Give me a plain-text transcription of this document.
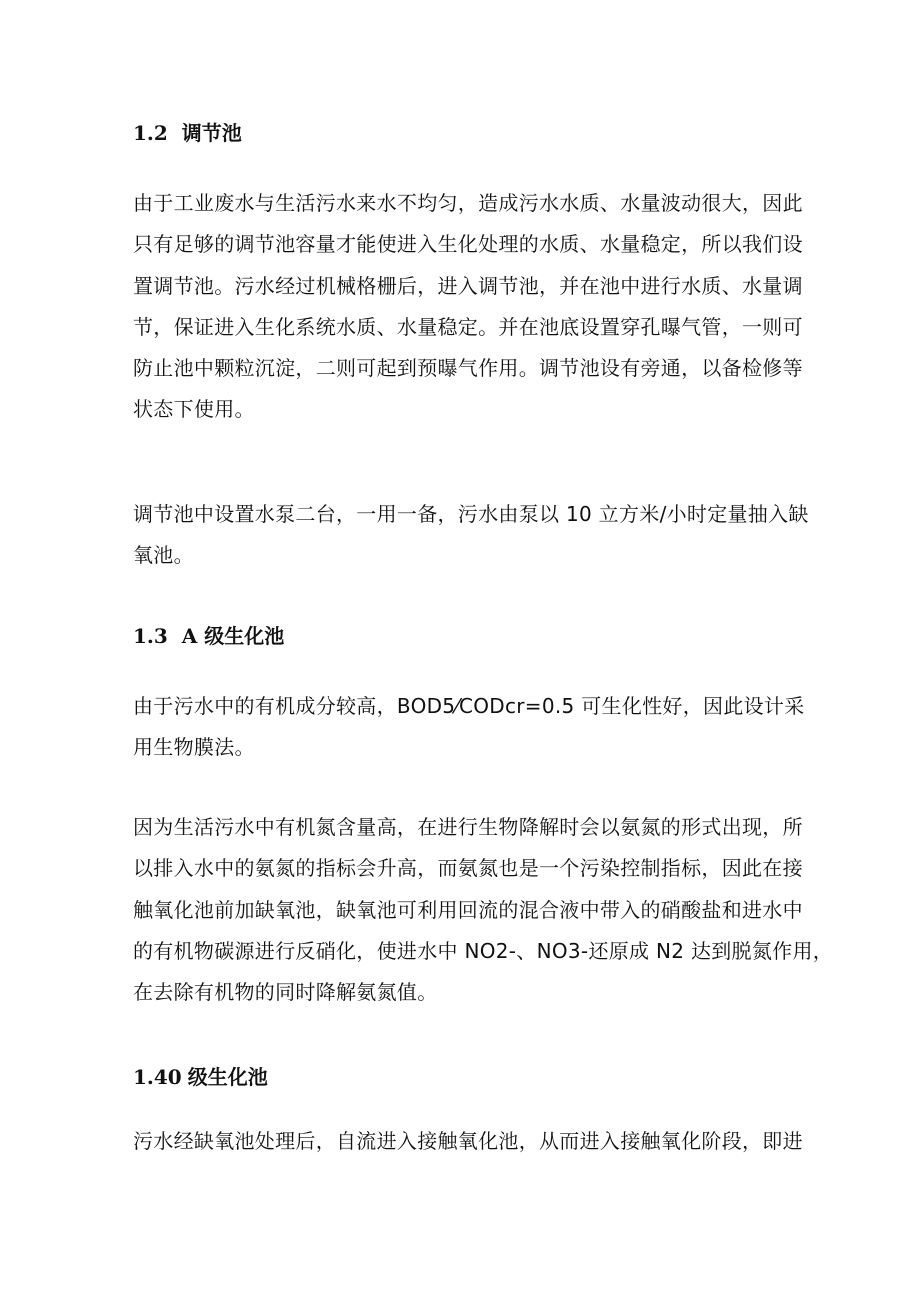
1.2 调节池

由于工业废水与生活污水来水不均匀，造成污水水质、水量波动很大，因此
只有足够的调节池容量才能使进入生化处理的水质、水量稳定，所以我们设
置调节池。污水经过机械格栅后，进入调节池，并在池中进行水质、水量调
节，保证进入生化系统水质、水量稳定。并在池底设置穿孔曝气管，一则可
防止池中颗粒沉淀，二则可起到预曝气作用。调节池设有旁通，以备检修等
状态下使用。

调节池中设置水泵二台，一用一备，污水由泵以 10 立方米/小时定量抽入缺
氧池。

1.3 A 级生化池

由于污水中的有机成分较高，BOD5⁄CODcr=0.5 可生化性好，因此设计采
用生物膜法。

因为生活污水中有机氮含量高，在进行生物降解时会以氨氮的形式出现，所
以排入水中的氨氮的指标会升高，而氨氮也是一个污染控制指标，因此在接
触氧化池前加缺氧池，缺氧池可利用回流的混合液中带入的硝酸盐和进水中
的有机物碳源进行反硝化，使进水中 NO2-、NO3-还原成 N2 达到脱氮作用，
在去除有机物的同时降解氨氮值。

1.40 级生化池

污水经缺氧池处理后，自流进入接触氧化池，从而进入接触氧化阶段，即进
